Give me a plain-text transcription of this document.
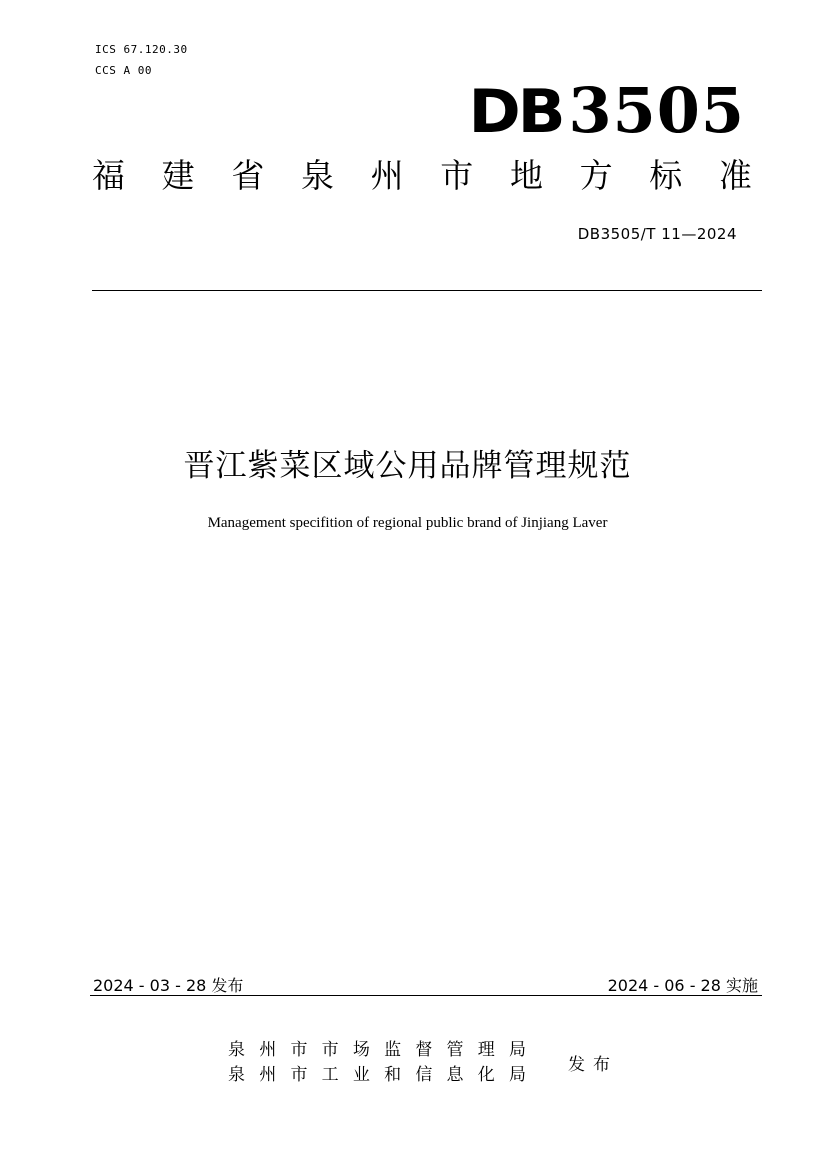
ICS 67.120.30
CCS A 00
DB 3505
福 建 省 泉 州 市 地 方 标 准
DB3505/T 11—2024
晋江紫菜区域公用品牌管理规范
Management specifition of regional public brand of Jinjiang Laver
2024 - 03 - 28 发布	2024 - 06 - 28 实施
泉 州 市 市 场 监 督 管 理 局
泉 州 市 工 业 和 信 息 化 局 发布
